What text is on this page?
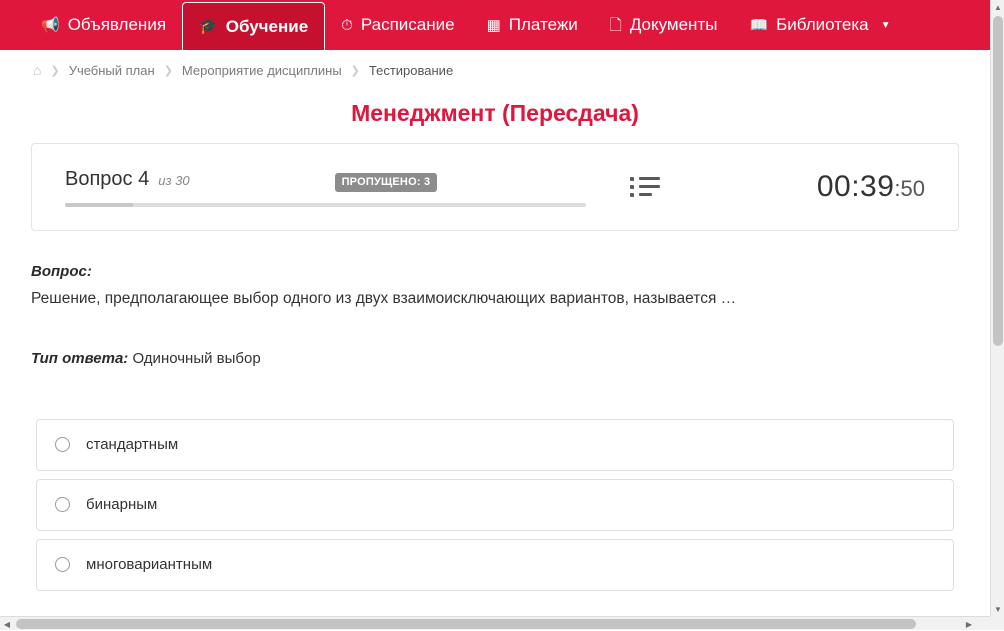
📢 Объявления 🎓 Обучение ⏱ Расписание ▦ Платежи 🗋 Документы 📖 Библиотека ▼
⌂ ❯ Учебный план ❯ Мероприятие дисциплины ❯ Тестирование
Менеджмент (Пересдача)
Вопрос 4 из 30	ПРОПУЩЕНО: 3	00:39:50
Вопрос:
Решение, предполагающее выбор одного из двух взаимоисключающих вариантов, называется …
Тип ответа: Одиночный выбор
стандартным
бинарным
многовариантным
▲
▼
◀	▶
